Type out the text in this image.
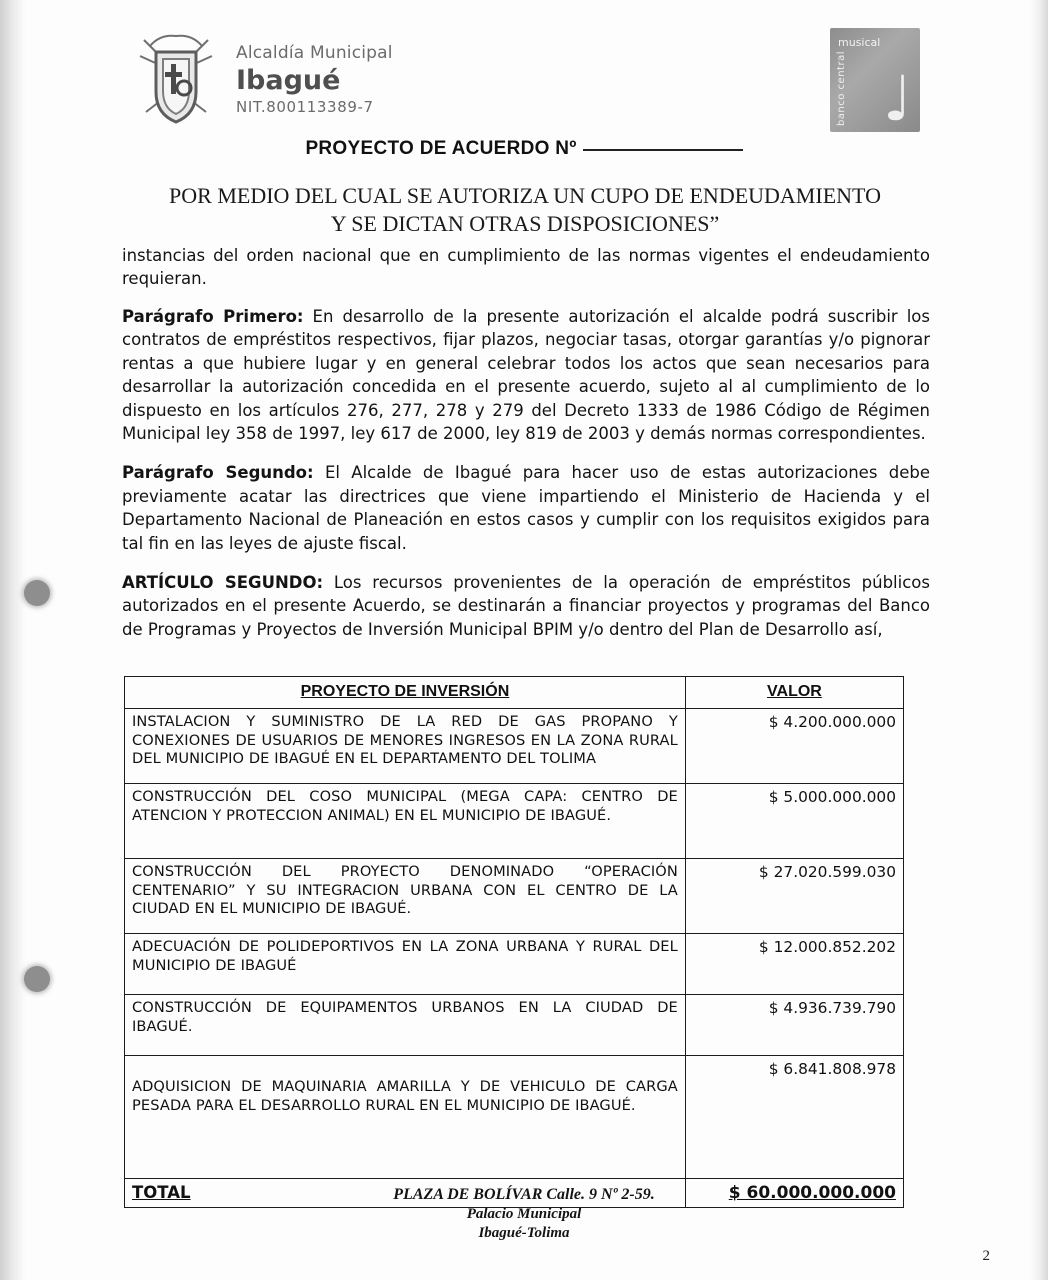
Alcaldía Municipal
Ibagué
NIT.800113389-7
musical
banco central ♩
PROYECTO DE ACUERDO Nº
POR MEDIO DEL CUAL SE AUTORIZA UN CUPO DE ENDEUDAMIENTO
Y SE DICTAN OTRAS DISPOSICIONES”

instancias del orden nacional que en cumplimiento de las normas vigentes el endeudamiento requieran.

Parágrafo Primero: En desarrollo de la presente autorización el alcalde podrá suscribir los contratos de empréstitos respectivos, fijar plazos, negociar tasas, otorgar garantías y/o pignorar rentas a que hubiere lugar y en general celebrar todos los actos que sean necesarios para desarrollar la autorización concedida en el presente acuerdo, sujeto al al cumplimiento de lo dispuesto en los artículos 276, 277, 278 y 279 del Decreto 1333 de 1986 Código de Régimen Municipal ley 358 de 1997, ley 617 de 2000, ley 819 de 2003 y demás normas correspondientes.

Parágrafo Segundo: El Alcalde de Ibagué para hacer uso de estas autorizaciones debe previamente acatar las directrices que viene impartiendo el Ministerio de Hacienda y el Departamento Nacional de Planeación en estos casos y cumplir con los requisitos exigidos para tal fin en las leyes de ajuste fiscal.

ARTÍCULO SEGUNDO: Los recursos provenientes de la operación de empréstitos públicos autorizados en el presente Acuerdo, se destinarán a financiar proyectos y programas del Banco de Programas y Proyectos de Inversión Municipal BPIM y/o dentro del Plan de Desarrollo así,

PROYECTO DE INVERSIÓN	VALOR
INSTALACION Y SUMINISTRO DE LA RED DE GAS PROPANO Y CONEXIONES DE USUARIOS DE MENORES INGRESOS EN LA ZONA RURAL DEL MUNICIPIO DE IBAGUÉ EN EL DEPARTAMENTO DEL TOLIMA	$ 4.200.000.000
CONSTRUCCIÓN DEL COSO MUNICIPAL (MEGA CAPA: CENTRO DE ATENCION Y PROTECCION ANIMAL) EN EL MUNICIPIO DE IBAGUÉ.	$ 5.000.000.000
CONSTRUCCIÓN DEL PROYECTO DENOMINADO “OPERACIÓN CENTENARIO” Y SU INTEGRACION URBANA CON EL CENTRO DE LA CIUDAD EN EL MUNICIPIO DE IBAGUÉ.	$ 27.020.599.030
ADECUACIÓN DE POLIDEPORTIVOS EN LA ZONA URBANA Y RURAL DEL MUNICIPIO DE IBAGUÉ	$ 12.000.852.202
CONSTRUCCIÓN DE EQUIPAMENTOS URBANOS EN LA CIUDAD DE IBAGUÉ.	$ 4.936.739.790
ADQUISICION DE MAQUINARIA AMARILLA Y DE VEHICULO DE CARGA PESADA PARA EL DESARROLLO RURAL EN EL MUNICIPIO DE IBAGUÉ.	$ 6.841.808.978
TOTAL	$ 60.000.000.000
PLAZA DE BOLÍVAR Calle. 9 Nº 2-59.
Palacio Municipal
Ibagué-Tolima
2
